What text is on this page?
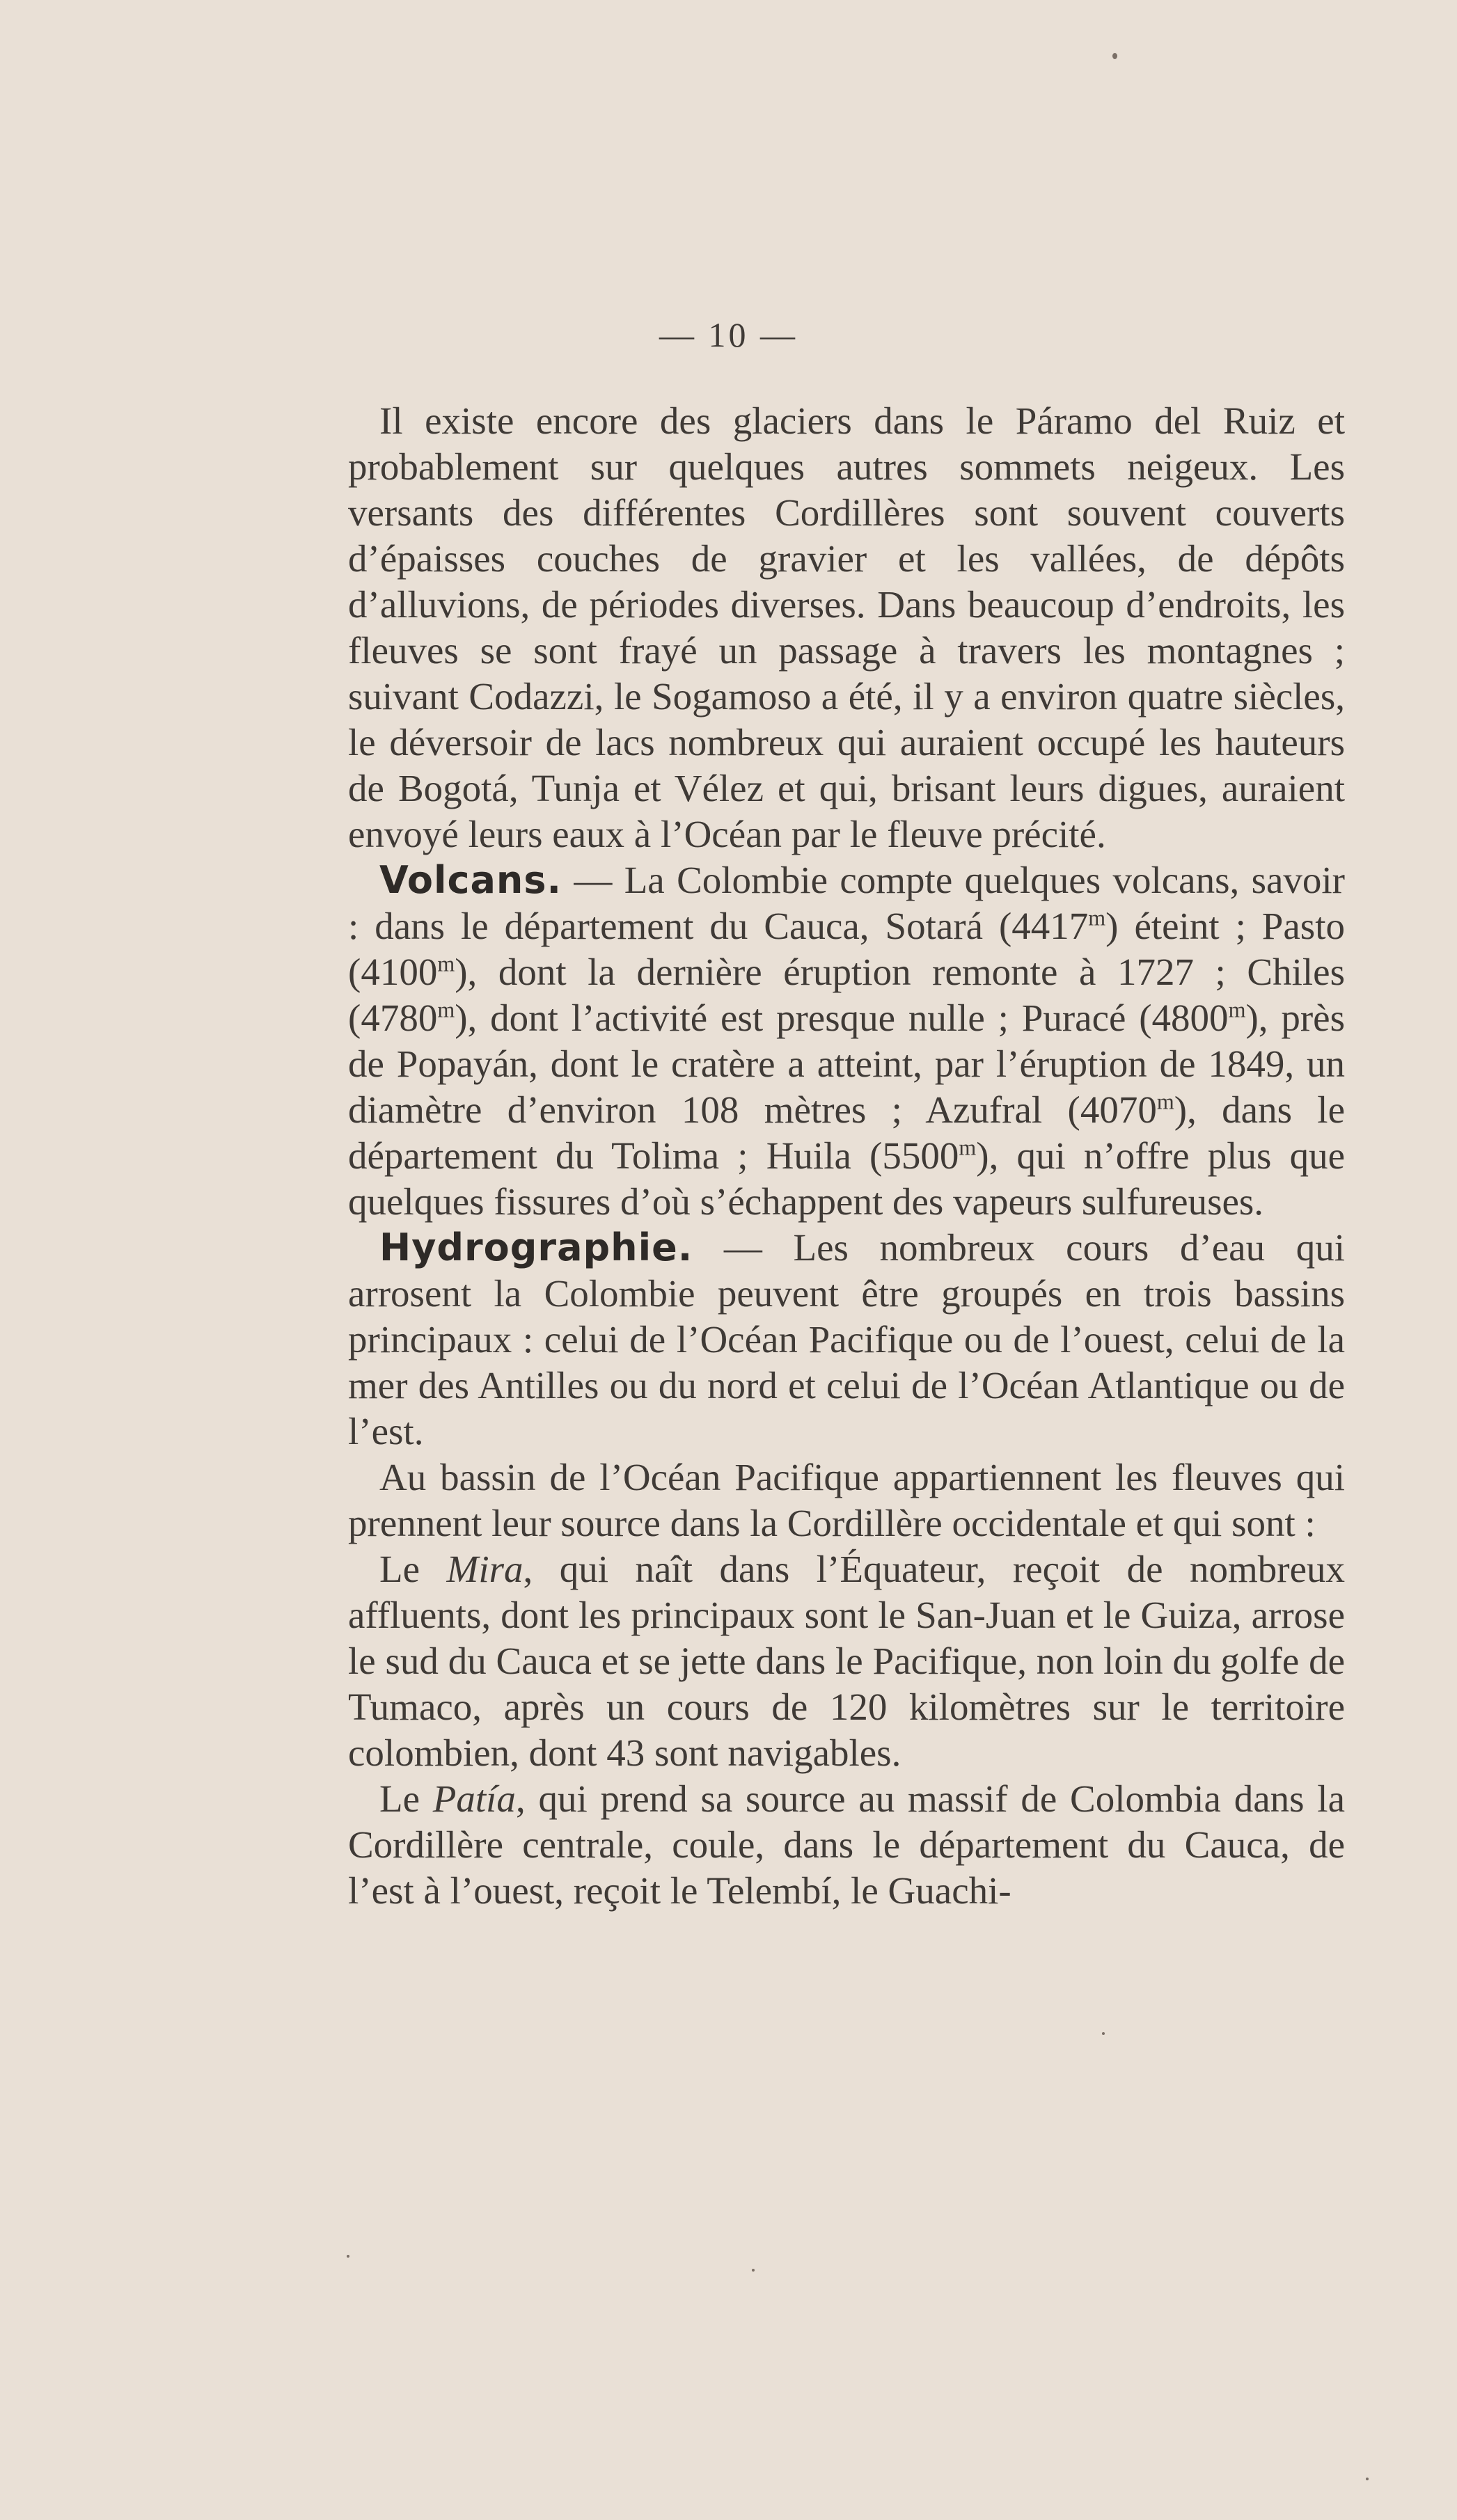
— 10 —

Il existe encore des glaciers dans le Páramo del Ruiz et probablement sur quelques autres sommets neigeux. Les versants des différentes Cordillères sont souvent couverts d’épaisses couches de gravier et les vallées, de dépôts d’alluvions, de périodes diverses. Dans beaucoup d’endroits, les fleuves se sont frayé un passage à travers les montagnes ; suivant Codazzi, le Sogamoso a été, il y a environ quatre siècles, le déversoir de lacs nombreux qui auraient occupé les hauteurs de Bogotá, Tunja et Vélez et qui, brisant leurs digues, auraient envoyé leurs eaux à l’Océan par le fleuve précité.

Volcans. — La Colombie compte quelques volcans, savoir : dans le département du Cauca, Sotará (4417$^m$) éteint ; Pasto (4100$^m$), dont la dernière éruption remonte à 1727 ; Chiles (4780$^m$), dont l’activité est presque nulle ; Puracé (4800$^m$), près de Popayán, dont le cratère a atteint, par l’éruption de 1849, un diamètre d’environ 108 mètres ; Azufral (4070$^m$), dans le département du Tolima ; Huila (5500$^m$), qui n’offre plus que quelques fissures d’où s’échappent des vapeurs sulfureuses.

Hydrographie. — Les nombreux cours d’eau qui arrosent la Colombie peuvent être groupés en trois bassins principaux : celui de l’Océan Pacifique ou de l’ouest, celui de la mer des Antilles ou du nord et celui de l’Océan Atlantique ou de l’est.

Au bassin de l’Océan Pacifique appartiennent les fleuves qui prennent leur source dans la Cordillère occidentale et qui sont :

Le Mira, qui naît dans l’Équateur, reçoit de nombreux affluents, dont les principaux sont le San-Juan et le Guiza, arrose le sud du Cauca et se jette dans le Pacifique, non loin du golfe de Tumaco, après un cours de 120 kilomètres sur le territoire colombien, dont 43 sont navigables.

Le Patía, qui prend sa source au massif de Colombia dans la Cordillère centrale, coule, dans le département du Cauca, de l’est à l’ouest, reçoit le Telembí, le Guachi-
